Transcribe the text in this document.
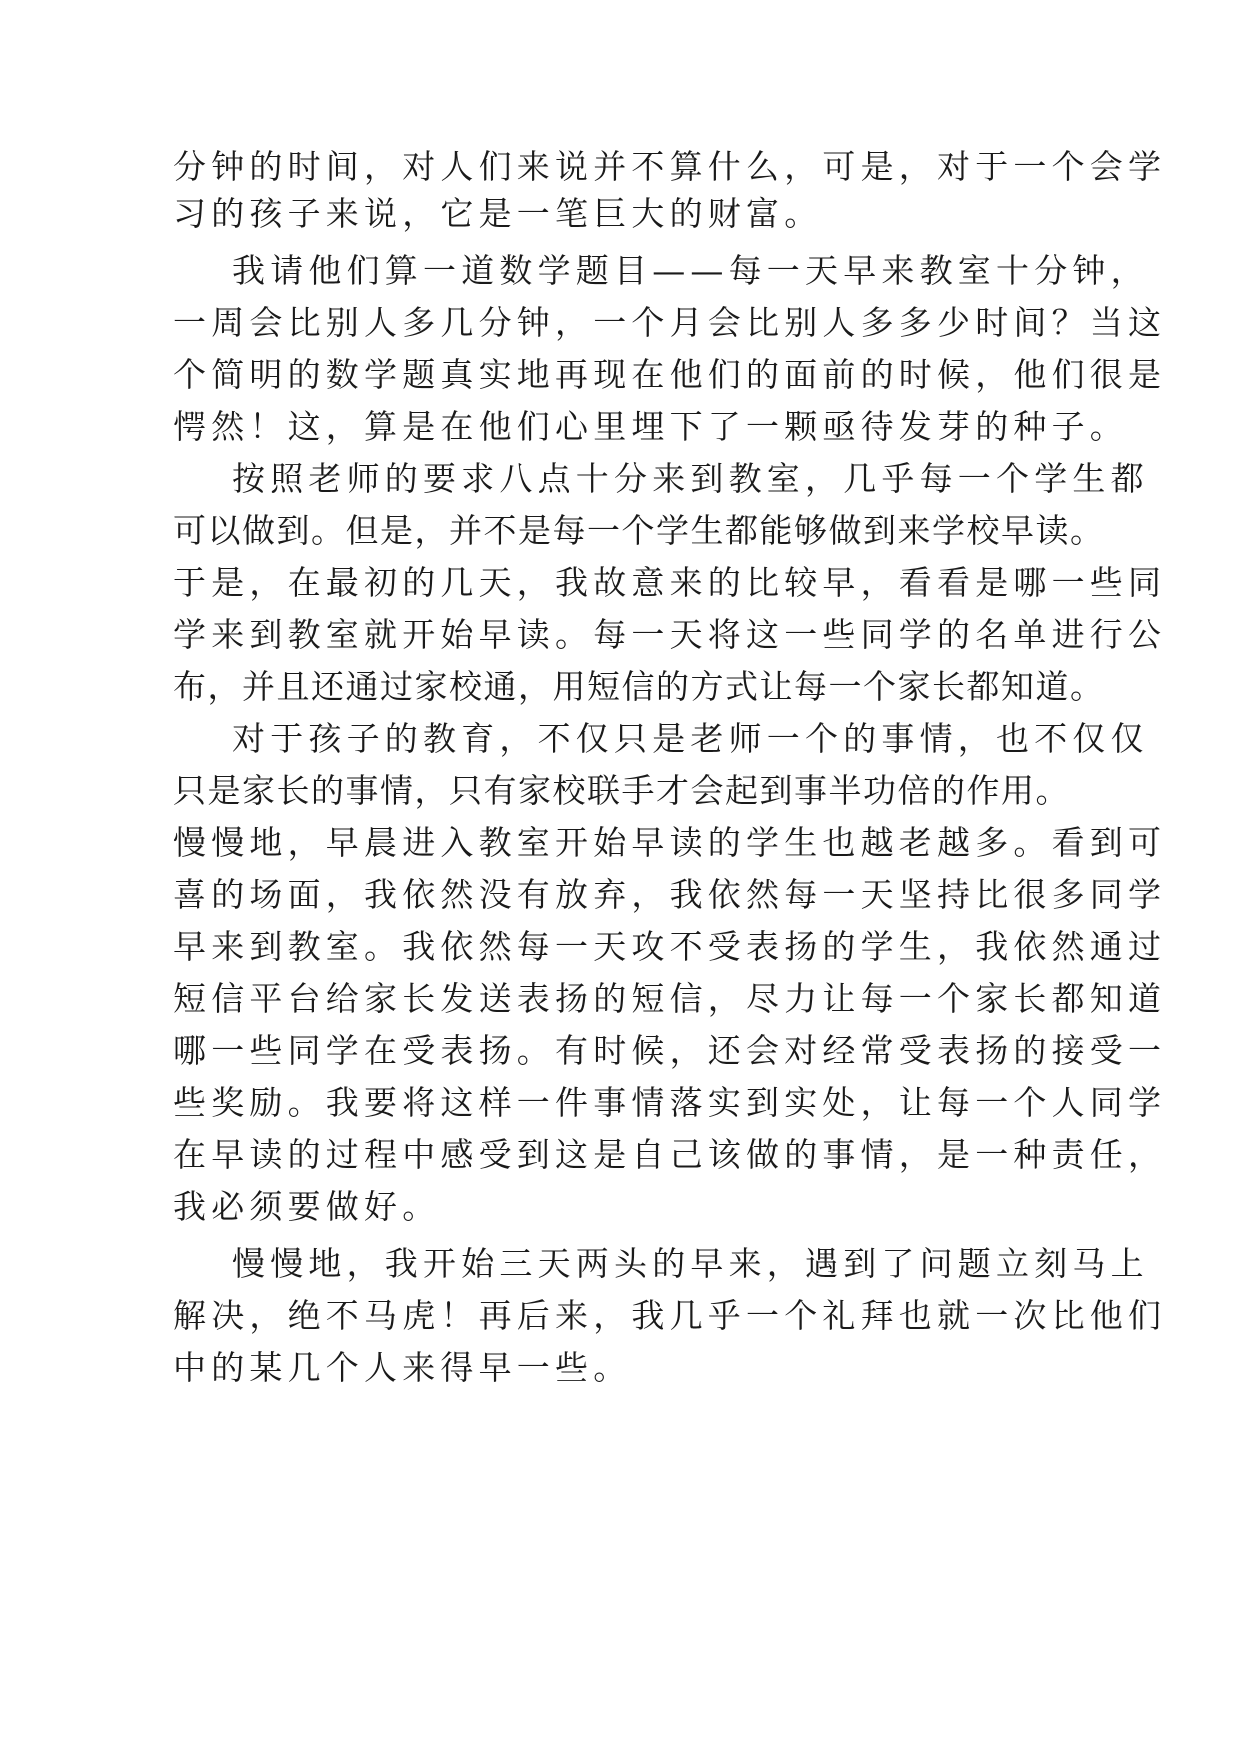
分钟的时间，对人们来说并不算什么，可是，对于一个会学

习的孩子来说，它是一笔巨大的财富。

我请他们算一道数学题目——每一天早来教室十分钟，

一周会比别人多几分钟，一个月会比别人多多少时间？当这

个简明的数学题真实地再现在他们的面前的时候，他们很是

愕然！这，算是在他们心里埋下了一颗亟待发芽的种子。

按照老师的要求八点十分来到教室，几乎每一个学生都

可以做到。但是，并不是每一个学生都能够做到来学校早读。

于是，在最初的几天，我故意来的比较早，看看是哪一些同

学来到教室就开始早读。每一天将这一些同学的名单进行公

布，并且还通过家校通，用短信的方式让每一个家长都知道。

对于孩子的教育，不仅只是老师一个的事情，也不仅仅

只是家长的事情，只有家校联手才会起到事半功倍的作用。

慢慢地，早晨进入教室开始早读的学生也越老越多。看到可

喜的场面，我依然没有放弃，我依然每一天坚持比很多同学

早来到教室。我依然每一天攻不受表扬的学生，我依然通过

短信平台给家长发送表扬的短信，尽力让每一个家长都知道

哪一些同学在受表扬。有时候，还会对经常受表扬的接受一

些奖励。我要将这样一件事情落实到实处，让每一个人同学

在早读的过程中感受到这是自己该做的事情，是一种责任，

我必须要做好。

慢慢地，我开始三天两头的早来，遇到了问题立刻马上

解决，绝不马虎！再后来，我几乎一个礼拜也就一次比他们

中的某几个人来得早一些。
